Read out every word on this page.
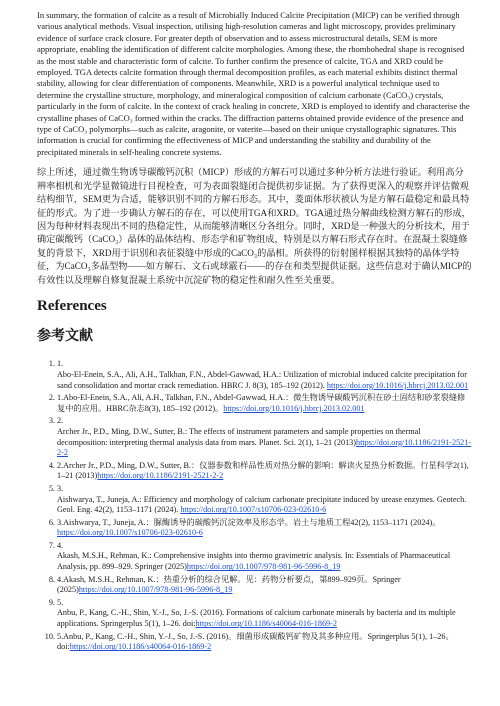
In summary, the formation of calcite as a result of Microbially Induced Calcite Precipitation (MICP) can be verified through various analytical methods. Visual inspection, utilising high-resolution cameras and light microscopy, provides preliminary evidence of surface crack closure. For greater depth of observation and to assess microstructural details, SEM is more appropriate, enabling the identification of different calcite morphologies. Among these, the rhombohedral shape is recognised as the most stable and characteristic form of calcite. To further confirm the presence of calcite, TGA and XRD could be employed. TGA detects calcite formation through thermal decomposition profiles, as each material exhibits distinct thermal stability, allowing for clear differentiation of components. Meanwhile, XRD is a powerful analytical technique used to determine the crystalline structure, morphology, and mineralogical composition of calcium carbonate (CaCO₃) crystals, particularly in the form of calcite. In the context of crack healing in concrete, XRD is employed to identify and characterise the crystalline phases of CaCO₃ formed within the cracks. The diffraction patterns obtained provide evidence of the presence and type of CaCO₃ polymorphs—such as calcite, aragonite, or vaterite—based on their unique crystallographic signatures. This information is crucial for confirming the effectiveness of MICP and understanding the stability and durability of the precipitated minerals in self-healing concrete systems.

综上所述，通过微生物诱导碳酸钙沉积（MICP）形成的方解石可以通过多种分析方法进行验证。利用高分辨率相机和光学显微镜进行目视检查，可为表面裂缝闭合提供初步证据。为了获得更深入的观察并评估微观结构细节，SEM更为合适，能够识别不同的方解石形态。其中，菱面体形状被认为是方解石最稳定和最具特征的形式。为了进一步确认方解石的存在，可以使用TGA和XRD。TGA通过热分解曲线检测方解石的形成，因为每种材料表现出不同的热稳定性，从而能够清晰区分各组分。同时，XRD是一种强大的分析技术，用于确定碳酸钙（CaCO₃）晶体的晶体结构、形态学和矿物组成，特别是以方解石形式存在时。在混凝土裂缝修复的背景下，XRD用于识别和表征裂缝中形成的CaCO₃的晶相。所获得的衍射图样根据其独特的晶体学特征，为CaCO₃多晶型物——如方解石、文石或球霰石——的存在和类型提供证据。这些信息对于确认MICP的有效性以及理解自修复混凝土系统中沉淀矿物的稳定性和耐久性至关重要。

References
参考文献
1. 1.
Abo-El-Enein, S.A., Ali, A.H., Talkhan, F.N., Abdel-Gawwad, H.A.: Utilization of microbial induced calcite precipitation for sand consolidation and mortar crack remediation. HBRC J. 8(3), 185–192 (2012). https://doi.org/10.1016/j.hbrcj.2013.02.001
2. 1.Abo-El-Enein, S.A., Ali, A.H., Talkhan, F.N., Abdel-Gawwad, H.A.：微生物诱导碳酸钙沉积在砂土固结和砂浆裂缝修复中的应用。HBRC杂志8(3), 185–192 (2012)。https://doi.org/10.1016/j.hbrcj.2013.02.001
3. 2.
Archer Jr., P.D., Ming, D.W., Sutter, B.: The effects of instrument parameters and sample properties on thermal decomposition: interpreting thermal analysis data from mars. Planet. Sci. 2(1), 1–21 (2013)https://doi.org/10.1186/2191-2521-2-2
4. 2.Archer Jr., P.D., Ming, D.W., Sutter, B.：仪器参数和样品性质对热分解的影响：解读火星热分析数据。行星科学2(1), 1–21 (2013)https://doi.org/10.1186/2191-2521-2-2
5. 3.
Aishwarya, T., Juneja, A.: Efficiency and morphology of calcium carbonate precipitate induced by urease enzymes. Geotech. Geol. Eng. 42(2), 1153–1171 (2024). https://doi.org/10.1007/s10706-023-02610-6
6. 3.Aishwarya, T., Juneja, A.：脲酶诱导的碳酸钙沉淀效率及形态学。岩土与地质工程42(2), 1153–1171 (2024)。https://doi.org/10.1007/s10706-023-02610-6
7. 4.
Akash, M.S.H., Rehman, K.: Comprehensive insights into thermo gravimetric analysis. In: Essentials of Pharmaceutical Analysis, pp. 899–929. Springer (2025)https://doi.org/10.1007/978-981-96-5996-8_19
8. 4.Akash, M.S.H., Rehman, K.：热重分析的综合见解。见：药物分析要点，第899–929页。Springer (2025)https://doi.org/10.1007/978-981-96-5996-8_19
9. 5.
Anbu, P., Kang, C.-H., Shin, Y.-J., So, J.-S. (2016). Formations of calcium carbonate minerals by bacteria and its multiple applications. Springerplus 5(1), 1–26. doi:https://doi.org/10.1186/s40064-016-1869-2
10. 5.Anbu, P., Kang, C.-H., Shin, Y.-J., So, J.-S. (2016)。细菌形成碳酸钙矿物及其多种应用。Springerplus 5(1), 1–26。doi:https://doi.org/10.1186/s40064-016-1869-2
